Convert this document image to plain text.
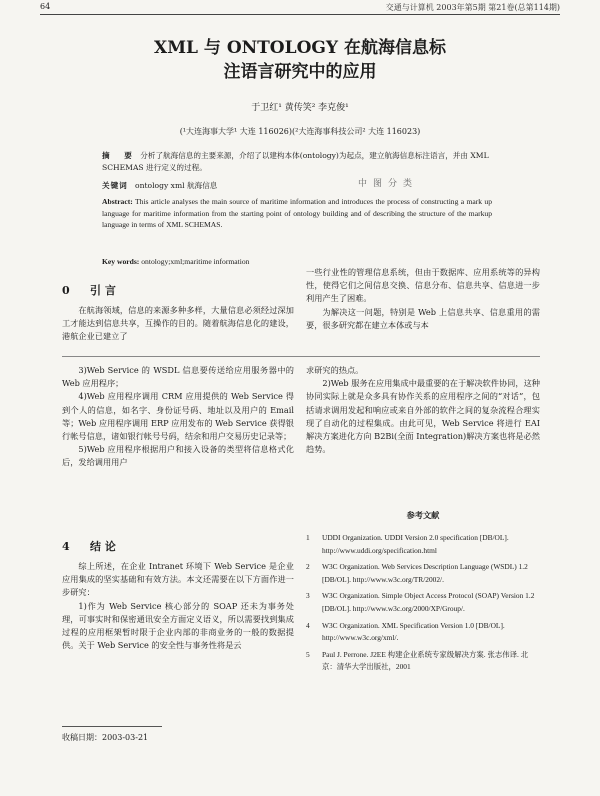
64	交通与计算机 2003年第5期 第21卷(总第114期)
XML 与 ONTOLOGY 在航海信息标
注语言研究中的应用
于卫红¹ 黄传笑² 李克俊¹
(¹大连海事大学¹ 大连 116026)(²大连海事科技公司² 大连 116023)
摘 要 分析了航海信息的主要来源，介绍了以建构本体(ontology)为起点，建立航海信息标注语言，并由 XML SCHEMAS 进行定义的过程。
关键词 ontology xml 航海信息	中图分类
Abstract: This article analyses the main source of maritime information and introduces the process of constructing a mark up language for maritime information from the starting point of ontology building and of describing the structure of the markup language in terms of XML SCHEMAS.
Key words: ontology;xml;maritime information
0 引 言

在航海领域，信息的来源多种多样，大量信息必须经过深加工才能达到信息共享，互操作的目的。随着航海信息化的建设，港航企业已建立了

一些行业性的管理信息系统，但由于数据库、应用系统等的异构性，使得它们之间信息交换、信息分布、信息共享、信息进一步利用产生了困难。

为解决这一问题，特别是 Web 上信息共享、信息重用的需要，很多研究都在建立本体或与本

3)Web Service 的 WSDL 信息要传送给应用服务器中的 Web 应用程序；

4)Web 应用程序调用 CRM 应用提供的 Web Service 得到个人的信息，如名字、身份证号码、地址以及用户的 Email 等；Web 应用程序调用 ERP 应用发布的 Web Service 获得银行帐号信息，诸如银行帐号号码，结余和用户交易历史记录等；

5)Web 应用程序根据用户和接入设备的类型将信息格式化后，发给调用用户

4 结 论

综上所述，在企业 Intranet 环境下 Web Service 是企业应用集成的坚实基础和有效方法。本文还需要在以下方面作进一步研究：

1)作为 Web Service 核心部分的 SOAP 还未为事务处理，可事实时和保密通讯安全方面定义语义，所以需要找到集成过程的应用框架暂时限于企业内部的非商业务的一般的数据提供。关于 Web Service 的安全性与事务性将是云

求研究的热点。

2)Web 服务在应用集成中最重要的在于解决软件协同，这种协同实际上就是众多具有协作关系的应用程序之间的“对话”，包括请求调用发起和响应或来自外部的软件之间的复杂流程合理实现了自动化的过程集成。由此可见，Web Service 将进行 EAI 解决方案进化方向 B2Bi(全面 Integration)解决方案也将是必然趋势。

参考文献
1 UDDI Organization. UDDI Version 2.0 specification [DB/OL]. http://www.uddi.org/specification.html
2 W3C Organization. Web Services Description Language (WSDL) 1.2 [DB/OL]. http://www.w3c.org/TR/2002/.
3 W3C Organization. Simple Object Access Protocol (SOAP) Version 1.2 [DB/OL]. http://www.w3c.org/2000/XP/Group/.
4 W3C Organization. XML Specification Version 1.0 [DB/OL]. http://www.w3c.org/xml/.
5 Paul J. Perrone. J2EE 构建企业系统专家级解决方案. 张志伟译. 北京：清华大学出版社，2001
收稿日期：2003-03-21
